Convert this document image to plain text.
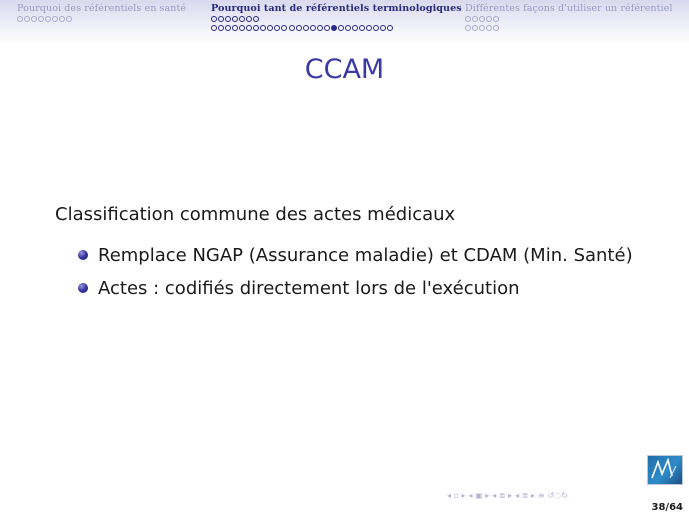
Pourquoi des référentiels en santé	Pourquoi tant de référentiels terminologiques Différentes façons d'utiliser un référentiel
CCAM
Classification commune des actes médicaux
Remplace NGAP (Assurance maladie) et CDAM (Min. Santé)
Actes : codifiés directement lors de l'exécution
◂ ▫ ▸ ◂ ▣ ▸ ◂ ≣ ▸ ◂ ≣ ▸ ≡ ↺◌↻
38/64
